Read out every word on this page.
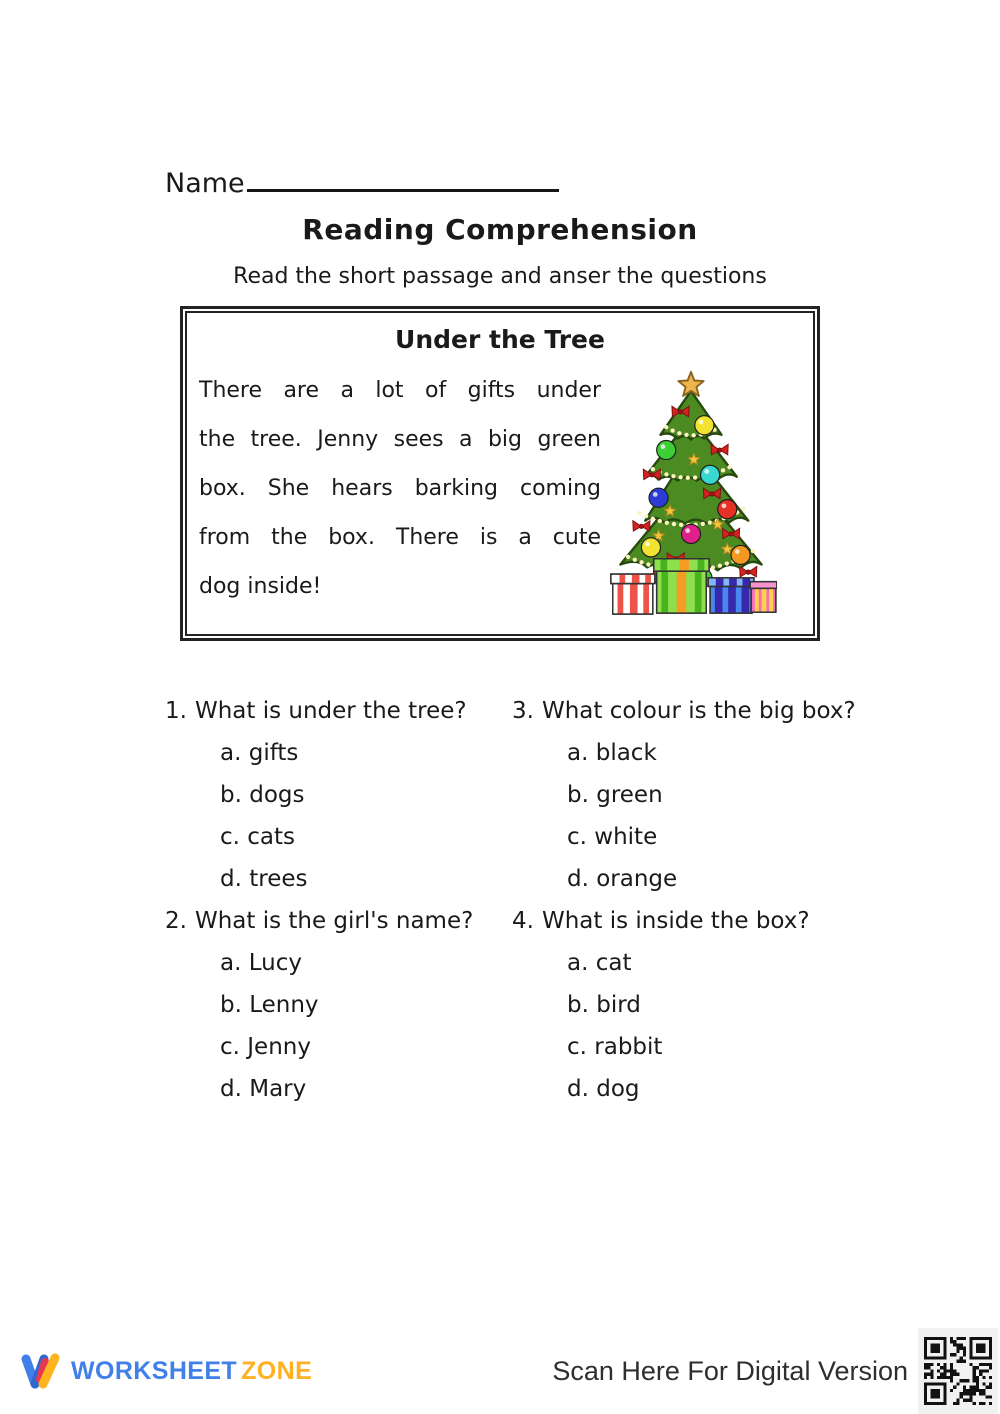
Name
Reading Comprehension
Read the short passage and anser the questions
Under the Tree
There are a lot of gifts under
the tree. Jenny sees a big green
box. She hears barking coming
from the box. There is a cute
dog inside!
1. What is under the tree?
a. gifts
b. dogs
c. cats
d. trees
3. What colour is the big box?
a. black
b. green
c. white
d. orange
2. What is the girl's name?
a. Lucy
b. Lenny
c. Jenny
d. Mary
4. What is inside the box?
a. cat
b. bird
c. rabbit
d. dog
WORKSHEET ZONE	Scan Here For Digital Version
